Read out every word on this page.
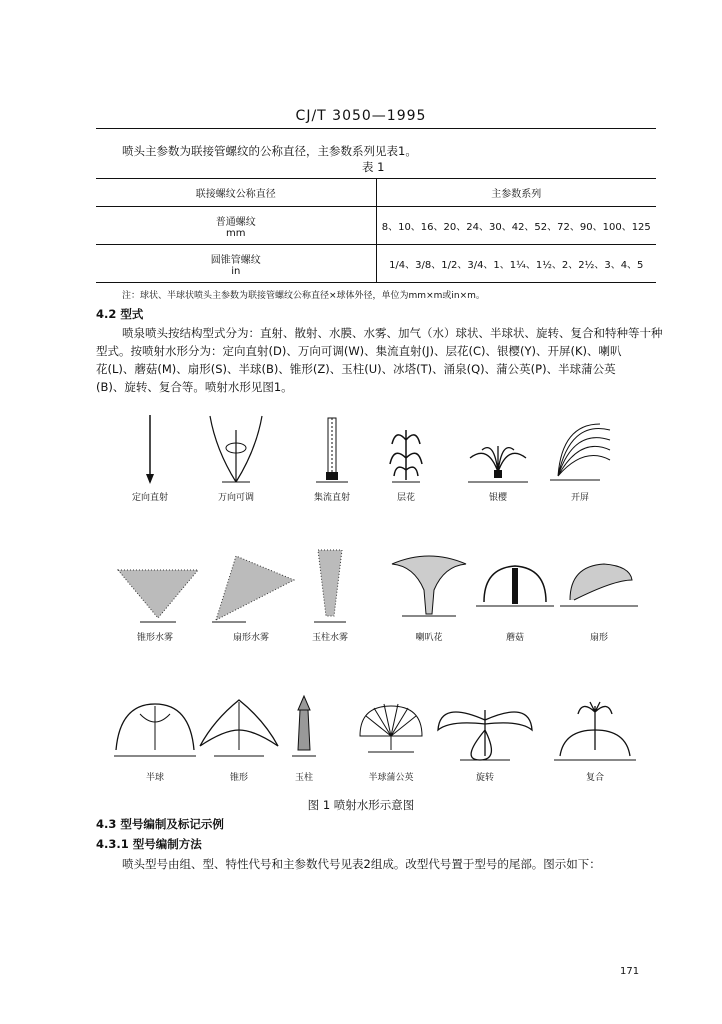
CJ/T 3050—1995
喷头主参数为联接管螺纹的公称直径，主参数系列见表1。
表 1
联接螺纹公称直径	主参数系列

普通螺纹
mm	8、10、16、20、24、30、42、52、72、90、100、125

圆锥管螺纹
in	1/4、3/8、1/2、3/4、1、1¼、1½、2、2½、3、4、5
注：球状、半球状喷头主参数为联接管螺纹公称直径×球体外径，单位为mm×m或in×m。
4.2 型式
喷泉喷头按结构型式分为：直射、散射、水膜、水雾、加气（水）球状、半球状、旋转、复合和特种等十种
型式。按喷射水形分为：定向直射(D)、万向可调(W)、集流直射(J)、层花(C)、银樱(Y)、开屏(K)、喇叭
花(L)、蘑菇(M)、扇形(S)、半球(B)、锥形(Z)、玉柱(U)、冰塔(T)、涌泉(Q)、蒲公英(P)、半球蒲公英
(B)、旋转、复合等。喷射水形见图1。
定向直射	万向可调	集流直射	层花	银樱	开屏
锥形水雾	扇形水雾	玉柱水雾	喇叭花	蘑菇	扇形
半球	锥形	玉柱	半球蒲公英	旋转	复合
图 1 喷射水形示意图
4.3 型号编制及标记示例
4.3.1 型号编制方法
喷头型号由组、型、特性代号和主参数代号见表2组成。改型代号置于型号的尾部。图示如下：
171
